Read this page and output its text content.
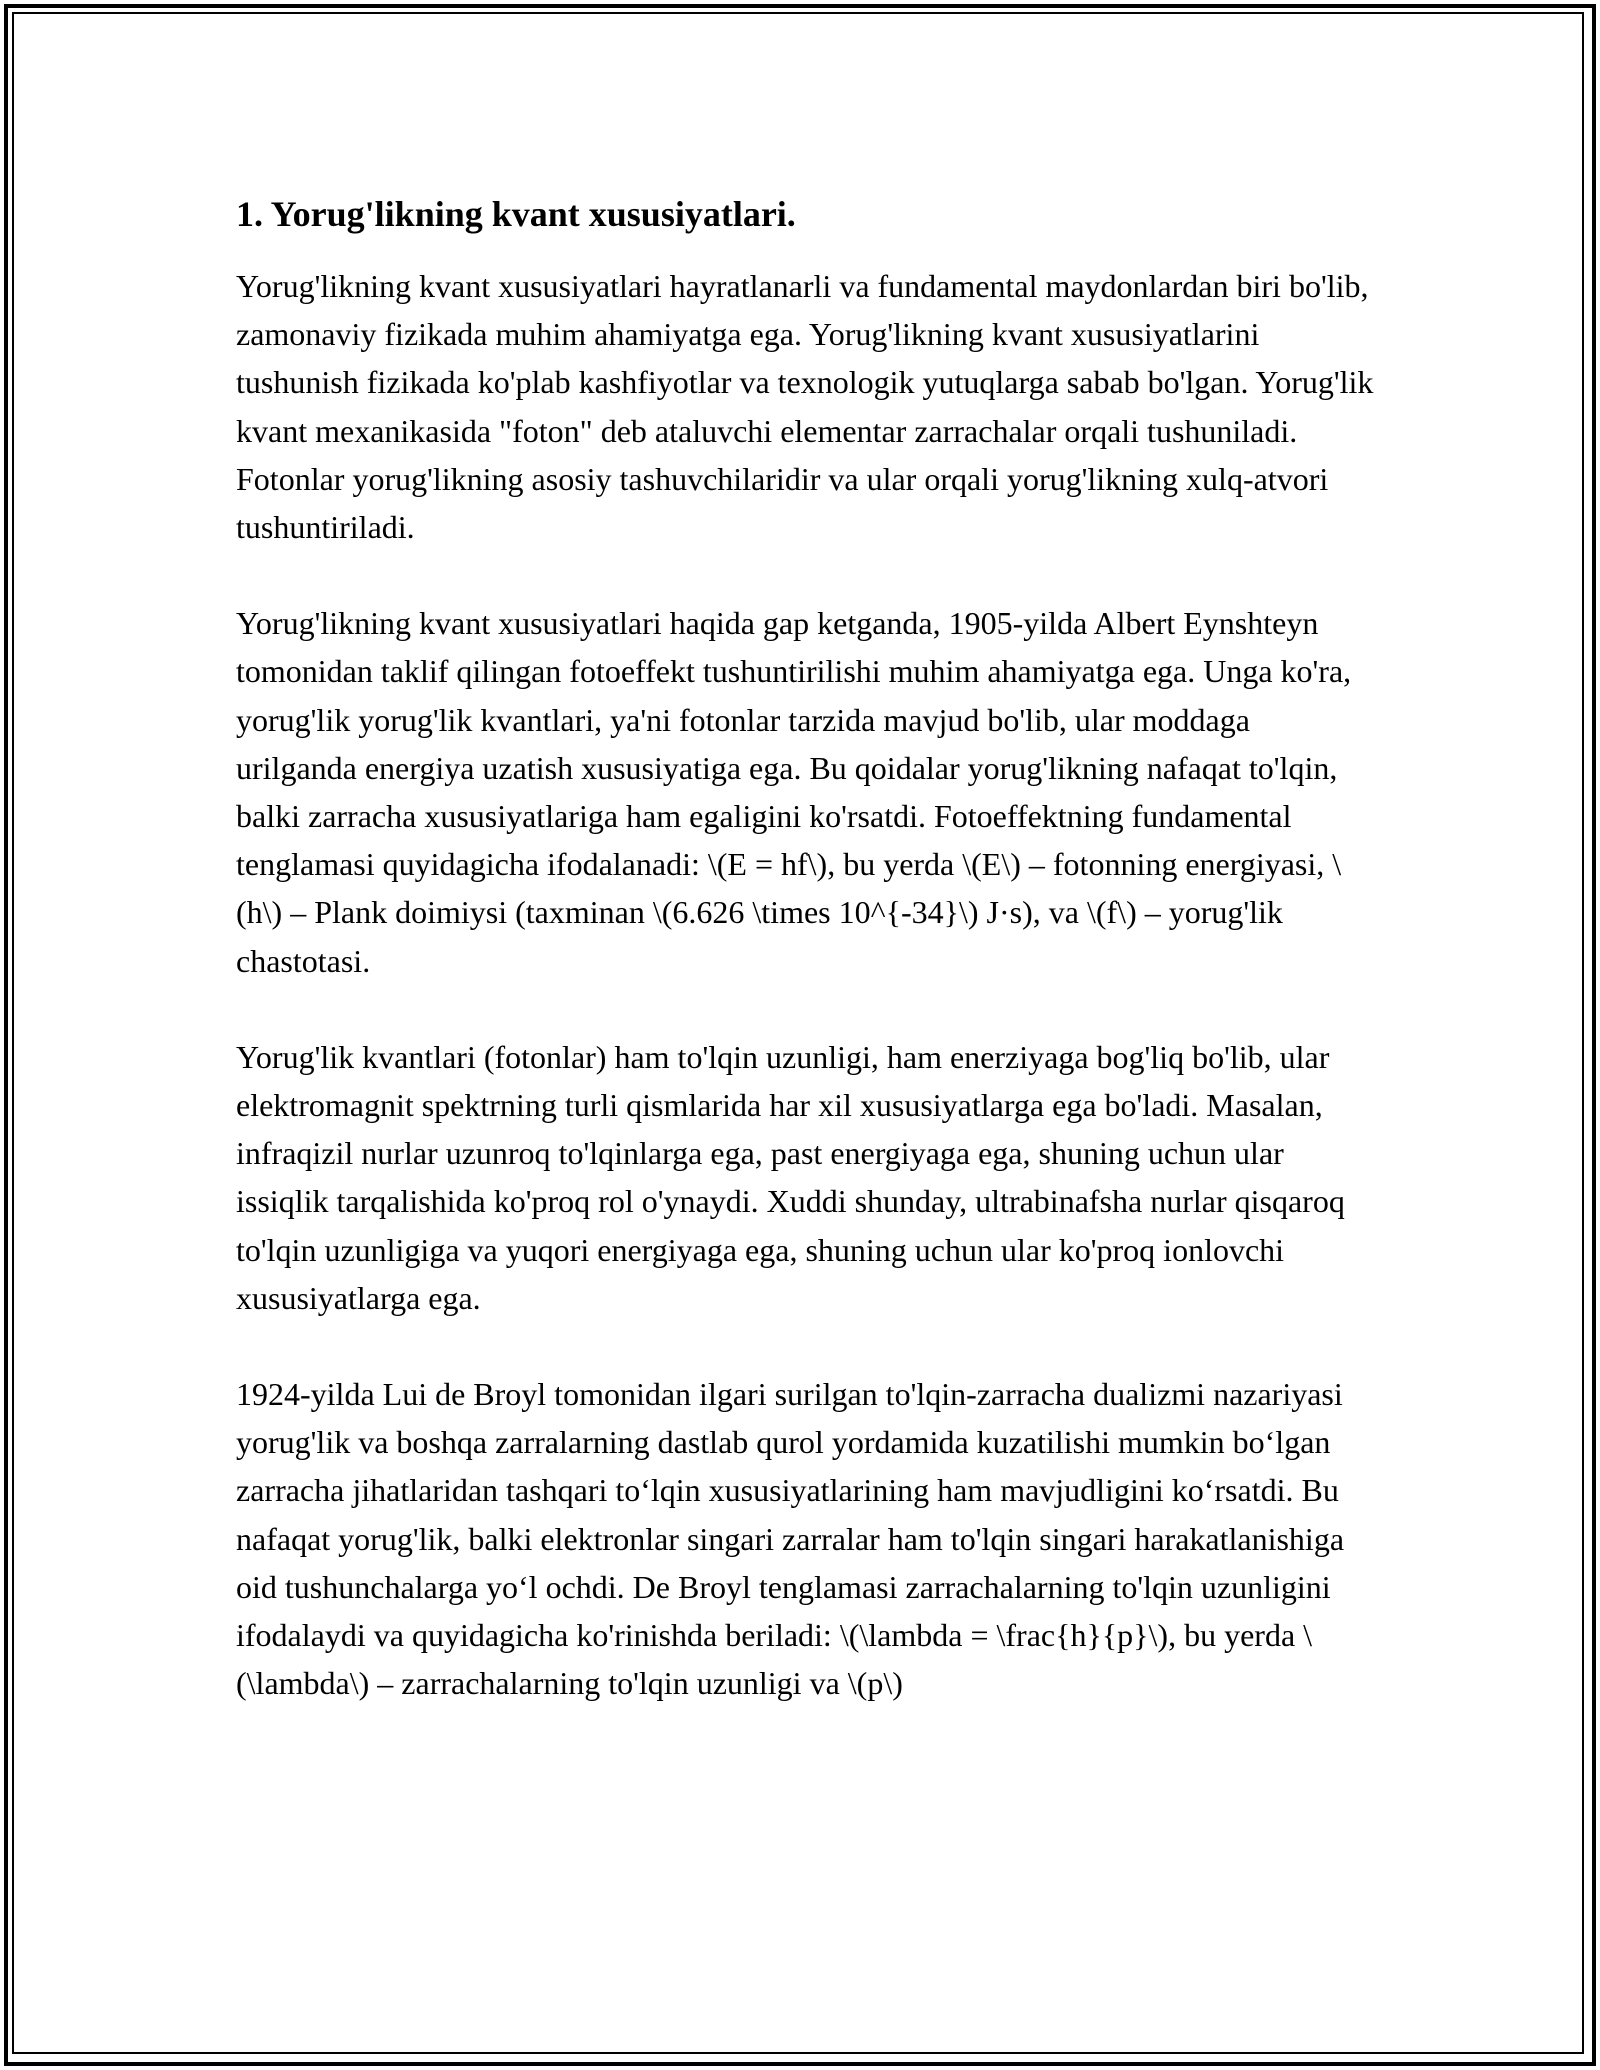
1. Yorug'likning kvant xususiyatlari.

Yorug'likning kvant xususiyatlari hayratlanarli va fundamental maydonlardan biri bo'lib, zamonaviy fizikada muhim ahamiyatga ega. Yorug'likning kvant xususiyatlarini tushunish fizikada ko'plab kashfiyotlar va texnologik yutuqlarga sabab bo'lgan. Yorug'lik kvant mexanikasida "foton" deb ataluvchi elementar zarrachalar orqali tushuniladi. Fotonlar yorug'likning asosiy tashuvchilaridir va ular orqali yorug'likning xulq-atvori tushuntiriladi.

Yorug'likning kvant xususiyatlari haqida gap ketganda, 1905-yilda Albert Eynshteyn tomonidan taklif qilingan fotoeffekt tushuntirilishi muhim ahamiyatga ega. Unga ko'ra, yorug'lik yorug'lik kvantlari, ya'ni fotonlar tarzida mavjud bo'lib, ular moddaga urilganda energiya uzatish xususiyatiga ega. Bu qoidalar yorug'likning nafaqat to'lqin, balki zarracha xususiyatlariga ham egaligini ko'rsatdi. Fotoeffektning fundamental tenglamasi quyidagicha ifodalanadi: \(E = hf\), bu yerda \(E\) – fotonning energiyasi, \(h\) – Plank doimiysi (taxminan \(6.626 \times 10^{-34}\) J·s), va \(f\) – yorug'lik chastotasi.

Yorug'lik kvantlari (fotonlar) ham to'lqin uzunligi, ham enerziyaga bog'liq bo'lib, ular elektromagnit spektrning turli qismlarida har xil xususiyatlarga ega bo'ladi. Masalan, infraqizil nurlar uzunroq to'lqinlarga ega, past energiyaga ega, shuning uchun ular issiqlik tarqalishida ko'proq rol o'ynaydi. Xuddi shunday, ultrabinafsha nurlar qisqaroq to'lqin uzunligiga va yuqori energiyaga ega, shuning uchun ular ko'proq ionlovchi xususiyatlarga ega.

1924-yilda Lui de Broyl tomonidan ilgari surilgan to'lqin-zarracha dualizmi nazariyasi yorug'lik va boshqa zarralarning dastlab qurol yordamida kuzatilishi mumkin boʻlgan zarracha jihatlaridan tashqari toʻlqin xususiyatlarining ham mavjudligini koʻrsatdi. Bu nafaqat yorug'lik, balki elektronlar singari zarralar ham to'lqin singari harakatlanishiga oid tushunchalarga yoʻl ochdi. De Broyl tenglamasi zarrachalarning to'lqin uzunligini ifodalaydi va quyidagicha ko'rinishda beriladi: \(\lambda = \frac{h}{p}\), bu yerda \(\lambda\) – zarrachalarning to'lqin uzunligi va \(p\)
